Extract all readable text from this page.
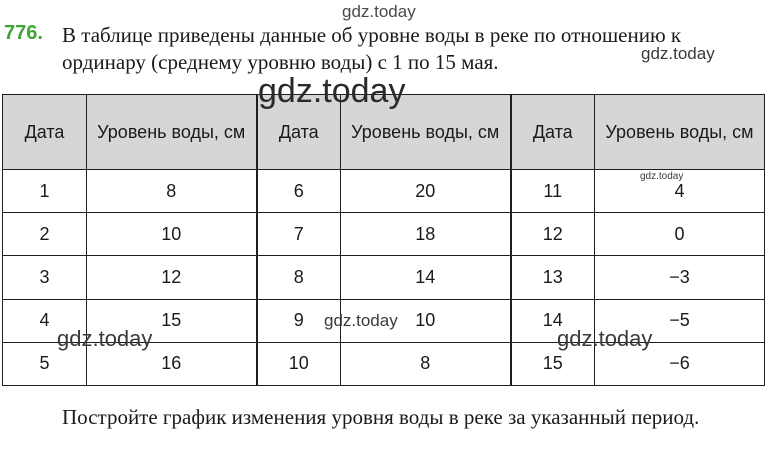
gdz.today
gdz.today
776. В таблице приведены данные об уровне воды в реке по отношению к ординару (среднему уровню воды) с 1 по 15 мая.

Дата	Уровень воды, см	Дата	Уровень воды, см	Дата	Уровень воды, см
1	8	6	20	11	4
2	10	7	18	12	0
3	12	8	14	13	−3
4	15	9	10	14	−5
5	16	10	8	15	−6
gdz.today
gdz.today
gdz.today
gdz.today	gdz.today

Постройте график изменения уровня воды в реке за указанный период.
